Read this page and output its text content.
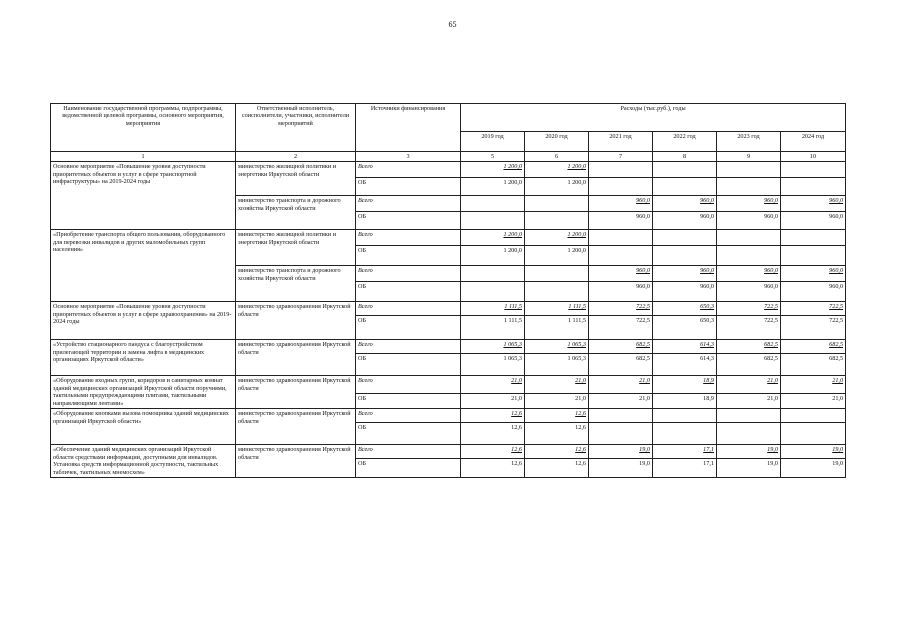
65
Наименование государственной программы, подпрограммы, ведомственной целевой программы, основного мероприятия, мероприятия	Ответственный исполнитель, соисполнители, участники, исполнители мероприятий	Источники финансирования	Расходы (тыс.руб.), годы					
			2019 год	2020 год	2021 год	2022 год	2023 год	2024 год
1	2	3	5	6	7	8	9	10
Основное мероприятие «Повышение уровня доступности приоритетных объектов и услуг в сфере транспортной инфраструктуры» на 2019-2024 годы	министерство жилищной политики и энергетики Иркутской области	Всего	1 200,0	1 200,0				
		ОБ	1 200,0	1 200,0				
	министерство транспорта и дорожного хозяйства Иркутской области	Всего			960,0	960,0	960,0	960,0
		ОБ			960,0	960,0	960,0	960,0
«Приобретение транспорта общего пользования, оборудованного для перевозки инвалидов и других маломобильных групп населения»	министерство жилищной политики и энергетики Иркутской области	Всего	1 200,0	1 200,0				
		ОБ	1 200,0	1 200,0				
	министерство транспорта и дорожного хозяйства Иркутской области	Всего			960,0	960,0	960,0	960,0
		ОБ			960,0	960,0	960,0	960,0
Основное мероприятие «Повышение уровня доступности приоритетных объектов и услуг в сфере здравоохранения» на 2019-2024 годы	министерство здравоохранения Иркутской области	Всего	1 111,5	1 111,5	722,5	650,3	722,5	722,5
		ОБ	1 111,5	1 111,5	722,5	650,3	722,5	722,5
«Устройство стационарного пандуса с благоустройством прилегающей территории и замена лифта в медицинских организациях Иркутской области»	министерство здравоохранения Иркутской области	Всего	1 065,3	1 065,3	682,5	614,3	682,5	682,5
		ОБ	1 065,3	1 065,3	682,5	614,3	682,5	682,5
«Оборудование входных групп, коридоров и санитарных комнат зданий медицинских организаций Иркутской области поручнями, тактильными предупреждающими плитами, тактильными направляющими лентами»	министерство здравоохранения Иркутской области	Всего	21,0	21,0	21,0	18,9	21,0	21,0
		ОБ	21,0	21,0	21,0	18,9	21,0	21,0
«Оборудование кнопками вызова помощника зданий медицинских организаций Иркутской области»	министерство здравоохранения Иркутской области	Всего	12,6	12,6				
		ОБ	12,6	12,6				
«Обеспечение зданий медицинских организаций Иркутской области средствами информации, доступными для инвалидов. Установка средств информационной доступности, тактильных табличек, тактильных мнемосхем»	министерство здравоохранения Иркутской области	Всего	12,6	12,6	19,0	17,1	19,0	19,0
		ОБ	12,6	12,6	19,0	17,1	19,0	19,0
